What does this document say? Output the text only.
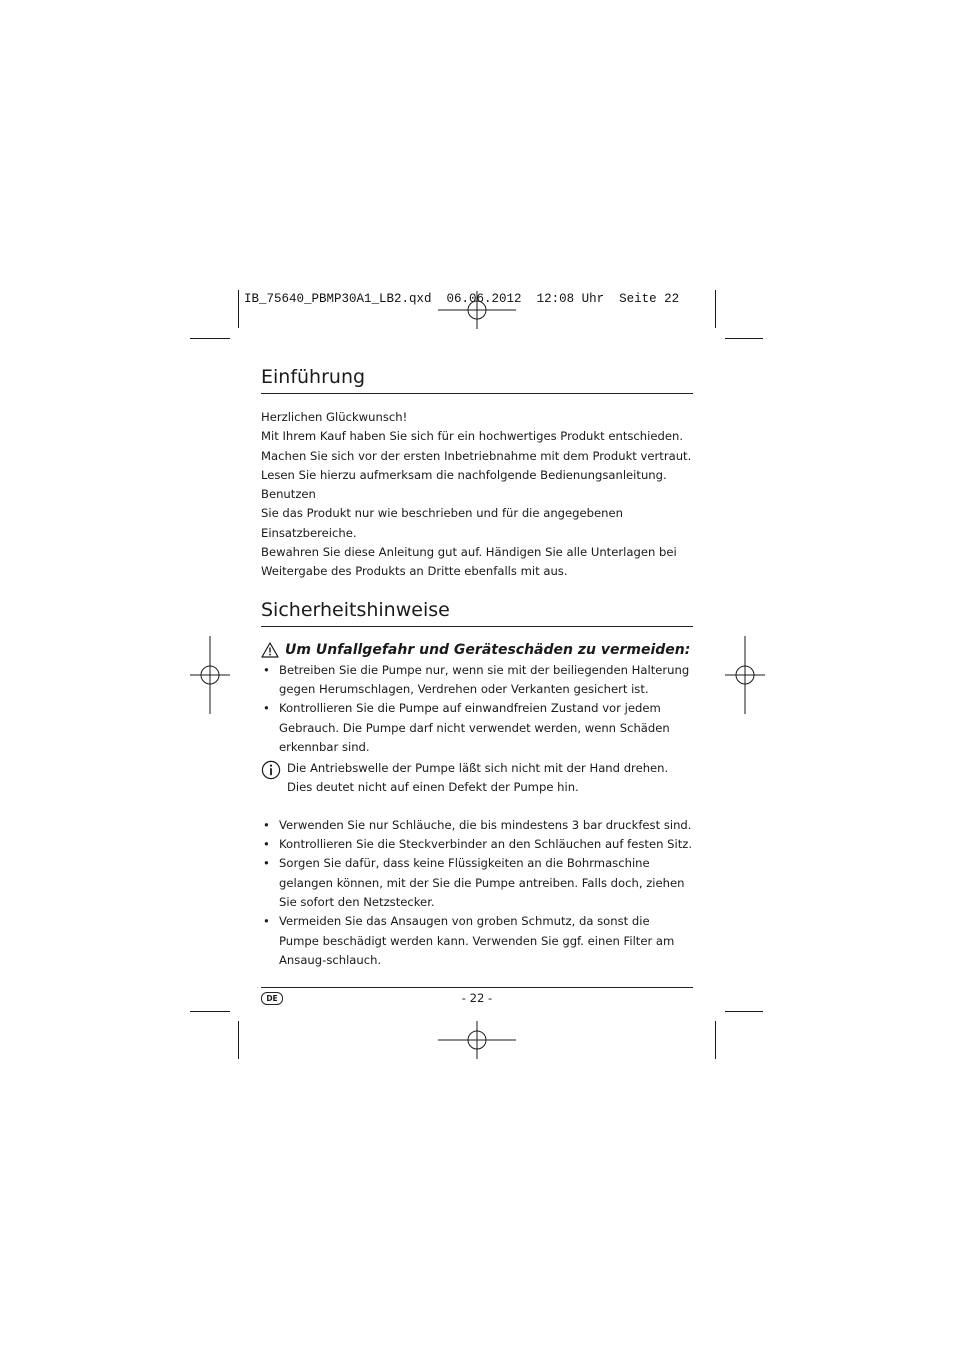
IB_75640_PBMP30A1_LB2.qxd 06.06.2012 12:08 Uhr Seite 22
Einführung

Herzlichen Glückwunsch!

Mit Ihrem Kauf haben Sie sich für ein hochwertiges Produkt entschieden.

Machen Sie sich vor der ersten Inbetriebnahme mit dem Produkt vertraut.

Lesen Sie hierzu aufmerksam die nachfolgende Bedienungsanleitung. Benutzen

Sie das Produkt nur wie beschrieben und für die angegebenen Einsatzbereiche.

Bewahren Sie diese Anleitung gut auf. Händigen Sie alle Unterlagen bei

Weitergabe des Produkts an Dritte ebenfalls mit aus.

Sicherheitshinweise
Um Unfallgefahr und Geräteschäden zu vermeiden:
• Betreiben Sie die Pumpe nur, wenn sie mit der beiliegenden Halterung gegen Herumschlagen, Verdrehen oder Verkanten gesichert ist.
• Kontrollieren Sie die Pumpe auf einwandfreien Zustand vor jedem Gebrauch. Die Pumpe darf nicht verwendet werden, wenn Schäden erkennbar sind.

Die Antriebswelle der Pumpe läßt sich nicht mit der Hand drehen.

Dies deutet nicht auf einen Defekt der Pumpe hin.

• Verwenden Sie nur Schläuche, die bis mindestens 3 bar druckfest sind.
• Kontrollieren Sie die Steckverbinder an den Schläuchen auf festen Sitz.
• Sorgen Sie dafür, dass keine Flüssigkeiten an die Bohrmaschine gelangen können, mit der Sie die Pumpe antreiben. Falls doch, ziehen Sie sofort den Netzstecker.
• Vermeiden Sie das Ansaugen von groben Schmutz, da sonst die Pumpe beschädigt werden kann. Verwenden Sie ggf. einen Filter am Ansaug-schlauch.
DE	- 22 -
